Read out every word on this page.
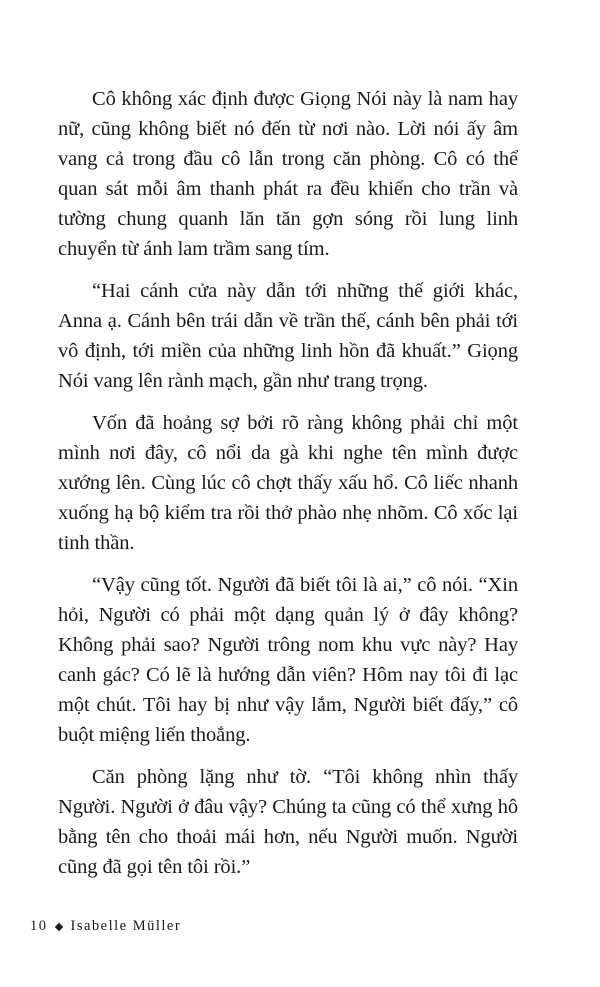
Cô không xác định được Giọng Nói này là nam hay nữ, cũng không biết nó đến từ nơi nào. Lời nói ấy âm vang cả trong đầu cô lẫn trong căn phòng. Cô có thể quan sát mỗi âm thanh phát ra đều khiến cho trần và tường chung quanh lăn tăn gợn sóng rồi lung linh chuyển từ ánh lam trầm sang tím.

“Hai cánh cửa này dẫn tới những thế giới khác, Anna ạ. Cánh bên trái dẫn về trần thế, cánh bên phải tới vô định, tới miền của những linh hồn đã khuất.” Giọng Nói vang lên rành mạch, gần như trang trọng.

Vốn đã hoảng sợ bởi rõ ràng không phải chỉ một mình nơi đây, cô nổi da gà khi nghe tên mình được xướng lên. Cùng lúc cô chợt thấy xấu hổ. Cô liếc nhanh xuống hạ bộ kiểm tra rồi thở phào nhẹ nhõm. Cô xốc lại tinh thần.

“Vậy cũng tốt. Người đã biết tôi là ai,” cô nói. “Xin hỏi, Người có phải một dạng quản lý ở đây không? Không phải sao? Người trông nom khu vực này? Hay canh gác? Có lẽ là hướng dẫn viên? Hôm nay tôi đi lạc một chút. Tôi hay bị như vậy lắm, Người biết đấy,” cô buột miệng liến thoắng.

Căn phòng lặng như tờ. “Tôi không nhìn thấy Người. Người ở đâu vậy? Chúng ta cũng có thể xưng hô bằng tên cho thoải mái hơn, nếu Người muốn. Người cũng đã gọi tên tôi rồi.”

10 Isabelle Müller
